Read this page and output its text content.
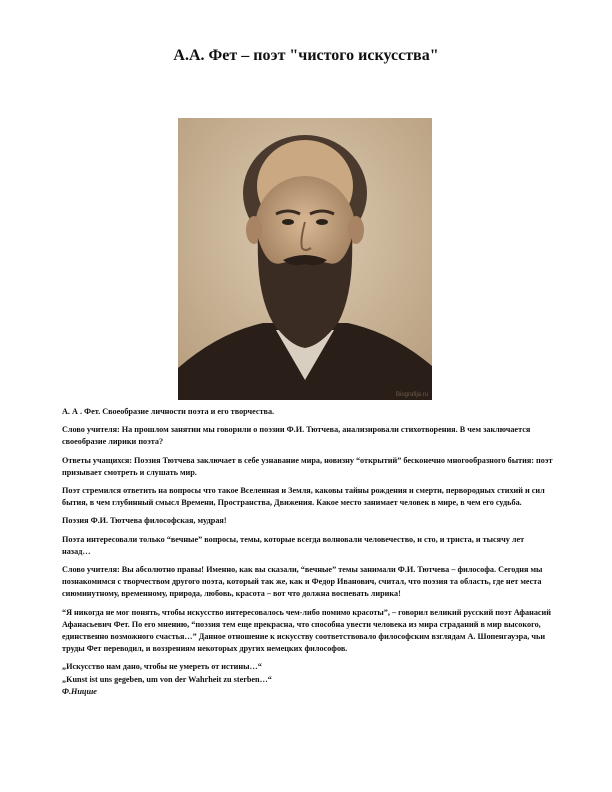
А.А. Фет – поэт "чистого искусства"
Biografija.ru

А. А . Фет. Своеобразие личности поэта и его творчества.

Слово учителя: На прошлом занятии мы говорили о поэзии Ф.И. Тютчева, анализировали стихотворения. В чем заключается своеобразие лирики поэта?

Ответы учащихся: Поэзия Тютчева заключает в себе узнавание мира, новизну “открытий” бесконечно многообразного бытия: поэт призывает смотреть и слушать мир.

Поэт стремился ответить на вопросы что такое Вселенная и Земля, каковы тайны рождения и смерти, первородных стихий и сил бытия, в чем глубинный смысл Времени, Пространства, Движения. Какое место занимает человек в мире, в чем его судьба.

Поэзия Ф.И. Тютчева философская, мудрая!

Поэта интересовали только “вечные” вопросы, темы, которые всегда волновали человечество, и сто, и триста, и тысячу лет назад…

Слово учителя: Вы абсолютно правы! Именно, как вы сказали, “вечные” темы занимали Ф.И. Тютчева – философа. Сегодня мы познакомимся с творчеством другого поэта, который так же, как и Федор Иванович, считал, что поэзия та область, где нет места сиюминутному, временному, природа, любовь, красота – вот что должна воспевать лирика!

“Я никогда не мог понять, чтобы искусство интересовалось чем-либо помимо красоты”, – говорил великий русский поэт Афанасий Афанасьевич Фет. По его мнению, “поэзия тем еще прекрасна, что способна увести человека из мира страданий в мир высокого, единственно возможного счастья…” Данное отношение к искусству соответствовало философским взглядам А. Шопенгауэра, чьи труды Фет переводил, и воззрениям некоторых других немецких философов.

„Искусство нам дано, чтобы не умереть от истины…“
„Kunst ist uns gegeben, um von der Wahrheit zu sterben…“
Ф.Ницше
